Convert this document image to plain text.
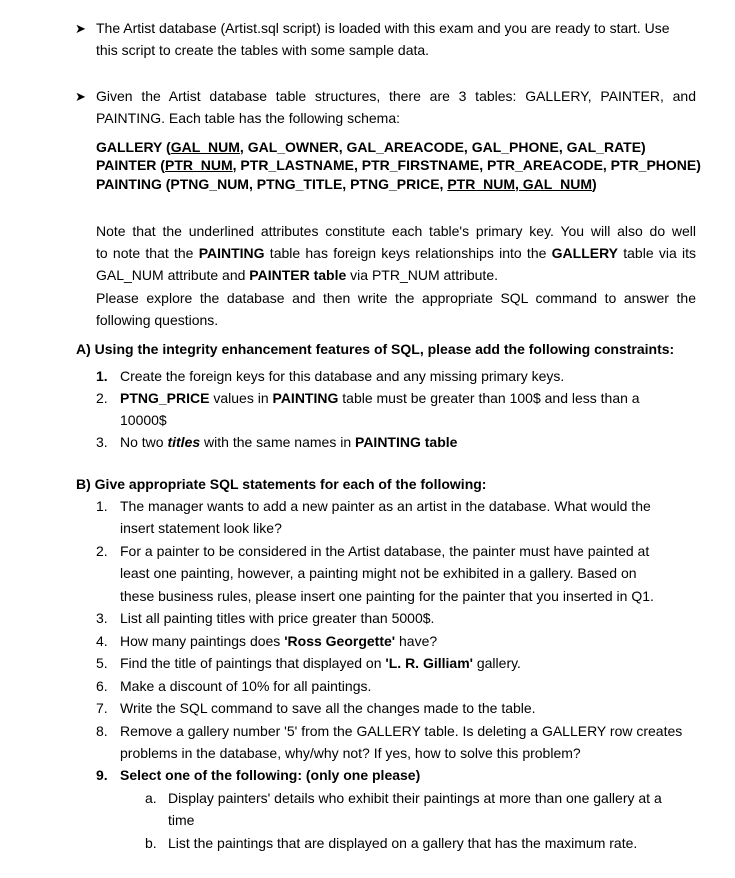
➤ The Artist database (Artist.sql script) is loaded with this exam and you are ready to start. Use
this script to create the tables with some sample data.
➤ Given the Artist database table structures, there are 3 tables: GALLERY, PAINTER, and
PAINTING. Each table has the following schema:
GALLERY (GAL_NUM, GAL_OWNER, GAL_AREACODE, GAL_PHONE, GAL_RATE)
PAINTER (PTR_NUM, PTR_LASTNAME, PTR_FIRSTNAME, PTR_AREACODE, PTR_PHONE)
PAINTING (PTNG_NUM, PTNG_TITLE, PTNG_PRICE, PTR_NUM, GAL_NUM)
Note that the underlined attributes constitute each table's primary key. You will also do well
to note that the PAINTING table has foreign keys relationships into the GALLERY table via its
GAL_NUM attribute and PAINTER table via PTR_NUM attribute.
Please explore the database and then write the appropriate SQL command to answer the
following questions.
A) Using the integrity enhancement features of SQL, please add the following constraints:
1. Create the foreign keys for this database and any missing primary keys.
2. PTNG_PRICE values in PAINTING table must be greater than 100$ and less than a
10000$
3. No two titles with the same names in PAINTING table
B) Give appropriate SQL statements for each of the following:
1. The manager wants to add a new painter as an artist in the database. What would the
insert statement look like?
2. For a painter to be considered in the Artist database, the painter must have painted at
least one painting, however, a painting might not be exhibited in a gallery. Based on
these business rules, please insert one painting for the painter that you inserted in Q1.
3. List all painting titles with price greater than 5000$.
4. How many paintings does 'Ross Georgette' have?
5. Find the title of paintings that displayed on 'L. R. Gilliam' gallery.
6. Make a discount of 10% for all paintings.
7. Write the SQL command to save all the changes made to the table.
8. Remove a gallery number '5' from the GALLERY table. Is deleting a GALLERY row creates
problems in the database, why/why not? If yes, how to solve this problem?
9. Select one of the following: (only one please)
a. Display painters' details who exhibit their paintings at more than one gallery at a
time
b. List the paintings that are displayed on a gallery that has the maximum rate.
